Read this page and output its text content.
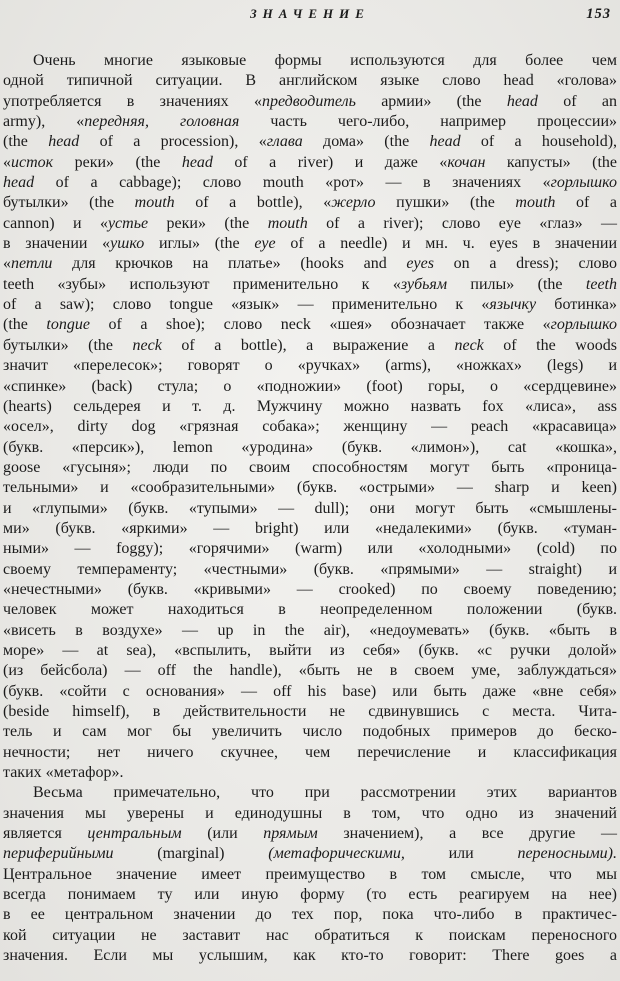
ЗНАЧЕНИЕ	153
Очень многие языковые формы используются для более чем
одной типичной ситуации. В английском языке слово head «голова»
употребляется в значениях «предводитель армии» (the head of an
army), «передняя, головная часть чего-либо, например процессии»
(the head of a procession), «глава дома» (the head of a household),
«исток реки» (the head of a river) и даже «кочан капусты» (the
head of a cabbage); слово mouth «рот» — в значениях «горлышко
бутылки» (the mouth of a bottle), «жерло пушки» (the mouth of a
cannon) и «устье реки» (the mouth of a river); слово eye «глаз» —
в значении «ушко иглы» (the eye of a needle) и мн. ч. eyes в значении
«петли для крючков на платье» (hooks and eyes on a dress); слово
teeth «зубы» используют применительно к «зубьям пилы» (the teeth
of a saw); слово tongue «язык» — применительно к «язычку ботинка»
(the tongue of a shoe); слово neck «шея» обозначает также «горлышко
бутылки» (the neck of a bottle), а выражение a neck of the woods
значит «перелесок»; говорят о «ручках» (arms), «ножках» (legs) и
«спинке» (back) стула; о «подножии» (foot) горы, о «сердцевине»
(hearts) сельдерея и т. д. Мужчину можно назвать fox «лиса», ass
«осел», dirty dog «грязная собака»; женщину — peach «красавица»
(букв. «персик»), lemon «уродина» (букв. «лимон»), cat «кошка»,
goose «гусыня»; люди по своим способностям могут быть «проница-
тельными» и «сообразительными» (букв. «острыми» — sharp и keen)
и «глупыми» (букв. «тупыми» — dull); они могут быть «смышлены-
ми» (букв. «яркими» — bright) или «недалекими» (букв. «туман-
ными» — foggy); «горячими» (warm) или «холодными» (cold) по
своему темпераменту; «честными» (букв. «прямыми» — straight) и
«нечестными» (букв. «кривыми» — crooked) по своему поведению;
человек может находиться в неопределенном положении (букв.
«висеть в воздухе» — up in the air), «недоумевать» (букв. «быть в
море» — at sea), «вспылить, выйти из себя» (букв. «с ручки долой»
(из бейсбола) — off the handle), «быть не в своем уме, заблуждаться»
(букв. «сойти с основания» — off his base) или быть даже «вне себя»
(beside himself), в действительности не сдвинувшись с места. Чита-
тель и сам мог бы увеличить число подобных примеров до беско-
нечности; нет ничего скучнее, чем перечисление и классификация
таких «метафор».
Весьма примечательно, что при рассмотрении этих вариантов
значения мы уверены и единодушны в том, что одно из значений
является центральным (или прямым значением), а все другие —
периферийными (marginal) (метафорическими, или переносными).
Центральное значение имеет преимущество в том смысле, что мы
всегда понимаем ту или иную форму (то есть реагируем на нее)
в ее центральном значении до тех пор, пока что-либо в практичес-
кой ситуации не заставит нас обратиться к поискам переносного
значения. Если мы услышим, как кто-то говорит: There goes a
